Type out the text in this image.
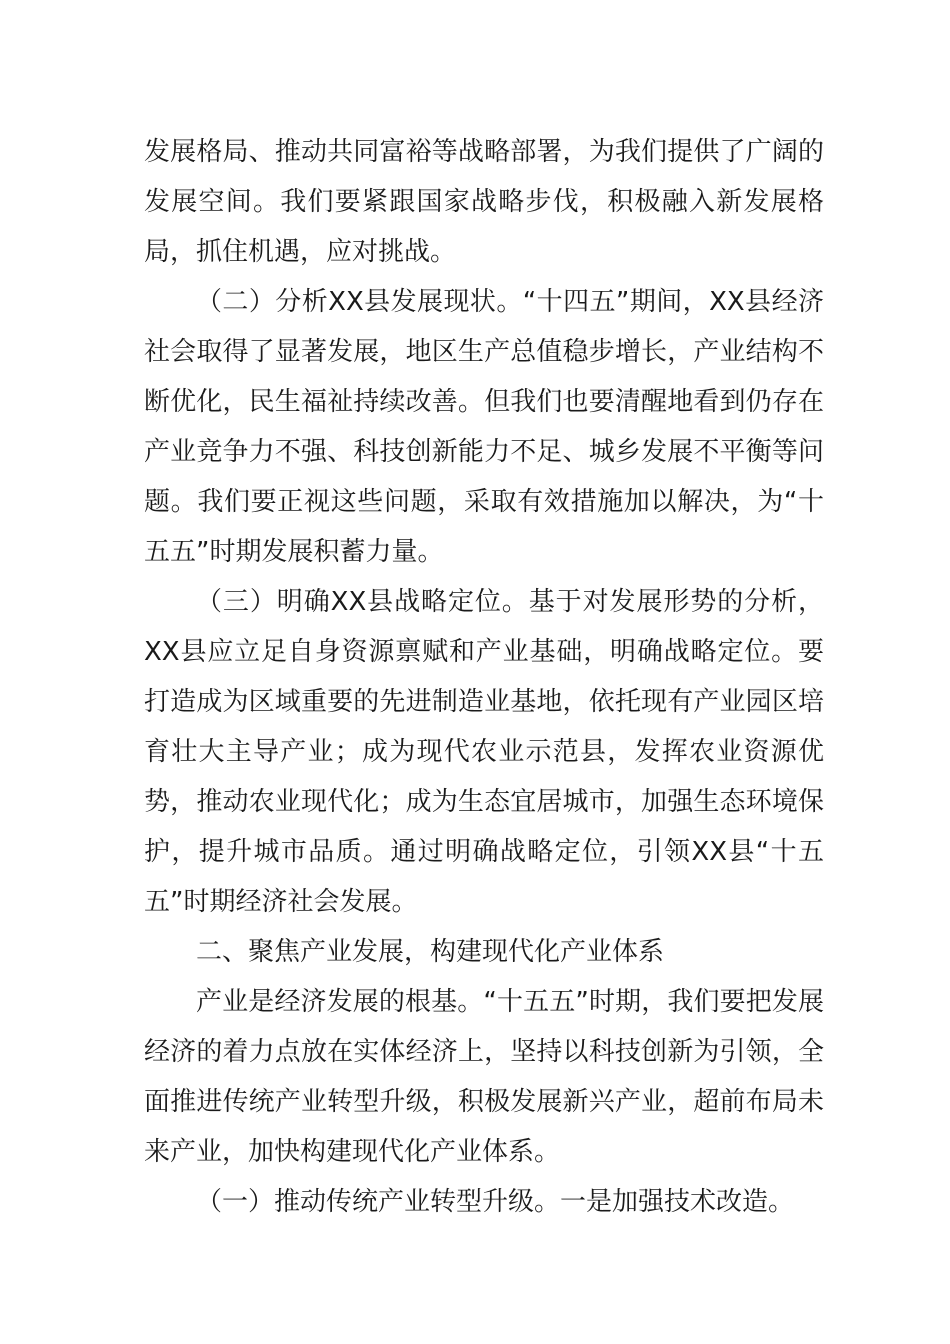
发展格局、推动共同富裕等战略部署，为我们提供了广阔的发展空间。我们要紧跟国家战略步伐，积极融入新发展格局，抓住机遇，应对挑战。

（二）分析XX县发展现状。“十四五”期间，XX县经济社会取得了显著发展，地区生产总值稳步增长，产业结构不断优化，民生福祉持续改善。但我们也要清醒地看到仍存在产业竞争力不强、科技创新能力不足、城乡发展不平衡等问题。我们要正视这些问题，采取有效措施加以解决，为“十五五”时期发展积蓄力量。

（三）明确XX县战略定位。基于对发展形势的分析，XX县应立足自身资源禀赋和产业基础，明确战略定位。要打造成为区域重要的先进制造业基地，依托现有产业园区培育壮大主导产业；成为现代农业示范县，发挥农业资源优势，推动农业现代化；成为生态宜居城市，加强生态环境保护，提升城市品质。通过明确战略定位，引领XX县“十五五”时期经济社会发展。

二、聚焦产业发展，构建现代化产业体系

产业是经济发展的根基。“十五五”时期，我们要把发展经济的着力点放在实体经济上，坚持以科技创新为引领，全面推进传统产业转型升级，积极发展新兴产业，超前布局未来产业，加快构建现代化产业体系。

（一）推动传统产业转型升级。一是加强技术改造。
